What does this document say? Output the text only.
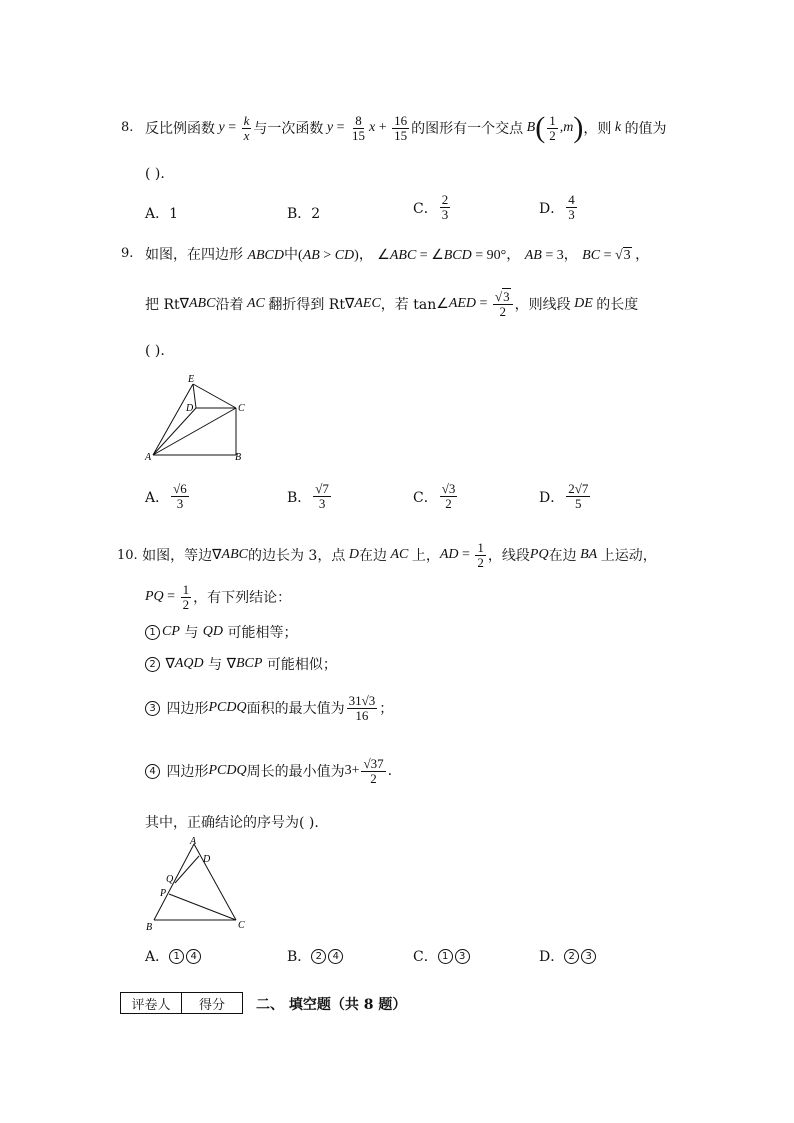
8. 反比例函数 $y = \frac{k}{x}$ 与一次函数 $y = \frac{8}{15}$ $x + \frac{16}{15}$ 的图形有一个交点 B ( $\frac{1}{2}$ , m ) ，则 k 的值为
( ).
A．1	B．2	C． $\frac{2}{3}$	D． $\frac{4}{3}$
9. 如图，在四边形 ABCD中(AB > CD)， ∠ABC = ∠BCD = 90°， AB = 3， BC = √3 ，
把 Rt ∇ ABC 沿着 AC 翻折得到 Rt ∇ AEC ，若 tan ∠ AED = $\frac{√3}{2}$ ，则线段 DE 的长度
( ).
E
D	C
A	B
A． $\frac{√6}{3}$	B． $\frac{√7}{3}$	C． $\frac{√3}{2}$	D． $\frac{2√7}{5}$
10.
如图，等边 ∇ ABC 的边长为 3，点 D 在边 AC 上， AD = $\frac{1}{2}$ ，线段 PQ 在边 BA 上运动，
PQ = $\frac{1}{2}$ ，有下列结论：
1 CP
与
QD
可能相等；
2 ∇ AQD
与
∇ BCP
可能相似；
3
四边形 PCDQ 面积的最大值为 $\frac{31√3}{16}$ ；
4
四边形 PCDQ 周长的最小值为 $3+ \frac{√37}{2}$ .
其中，正确结论的序号为( ).
A
D
Q
P
B	C
A． 1	4	B． 2	4	C． 1	3	D． 2	3
评卷人	得分 二、 填空题（共 8 题）
